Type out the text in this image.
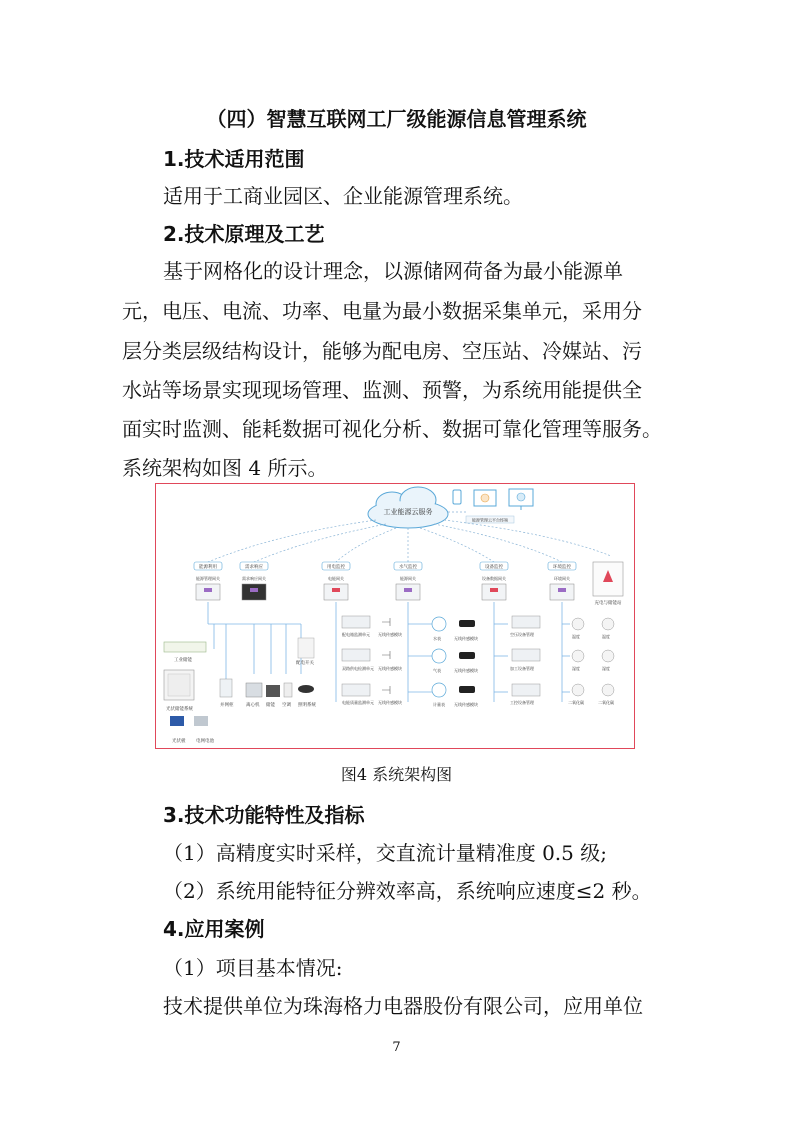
（四）智慧互联网工厂级能源信息管理系统
1.技术适用范围
适用于工商业园区、企业能源管理系统。
2.技术原理及工艺
基于网格化的设计理念，以源储网荷备为最小能源单
元，电压、电流、功率、电量为最小数据采集单元，采用分
层分类层级结构设计，能够为配电房、空压站、冷媒站、污
水站等场景实现现场管理、监测、预警，为系统用能提供全
面实时监测、能耗数据可视化分析、数据可靠化管理等服务。
系统架构如图 4 所示。
工业能源云服务
能源管理云平台终端
能源利用
能源管理网关
需求响应
需求响应网关
用电监控
电能网关
水气监控
能源网关
设备监控
设备数据网关
环境监控
环境网关
充电与储能站
工业储能
光伏储能系统
光伏板 电网电池
并网柜	离心机 储能 空调 照明系统
配电开关
配电箱监测单元
双路供电检测单元
电能质量监测单元
无线传感模块
无线传感模块
无线传感模块
水表
气表
计量表
无线传感模块
无线传感模块
无线传感模块
空压设备管理
加工设备管理
工控设备管理
温度
湿度
二氧化碳
温度
湿度
二氧化碳
图4 系统架构图
3.技术功能特性及指标
（1）高精度实时采样，交直流计量精准度 0.5 级;
（2）系统用能特征分辨效率高，系统响应速度≤2 秒。
4.应用案例
（1）项目基本情况:
技术提供单位为珠海格力电器股份有限公司，应用单位
7
